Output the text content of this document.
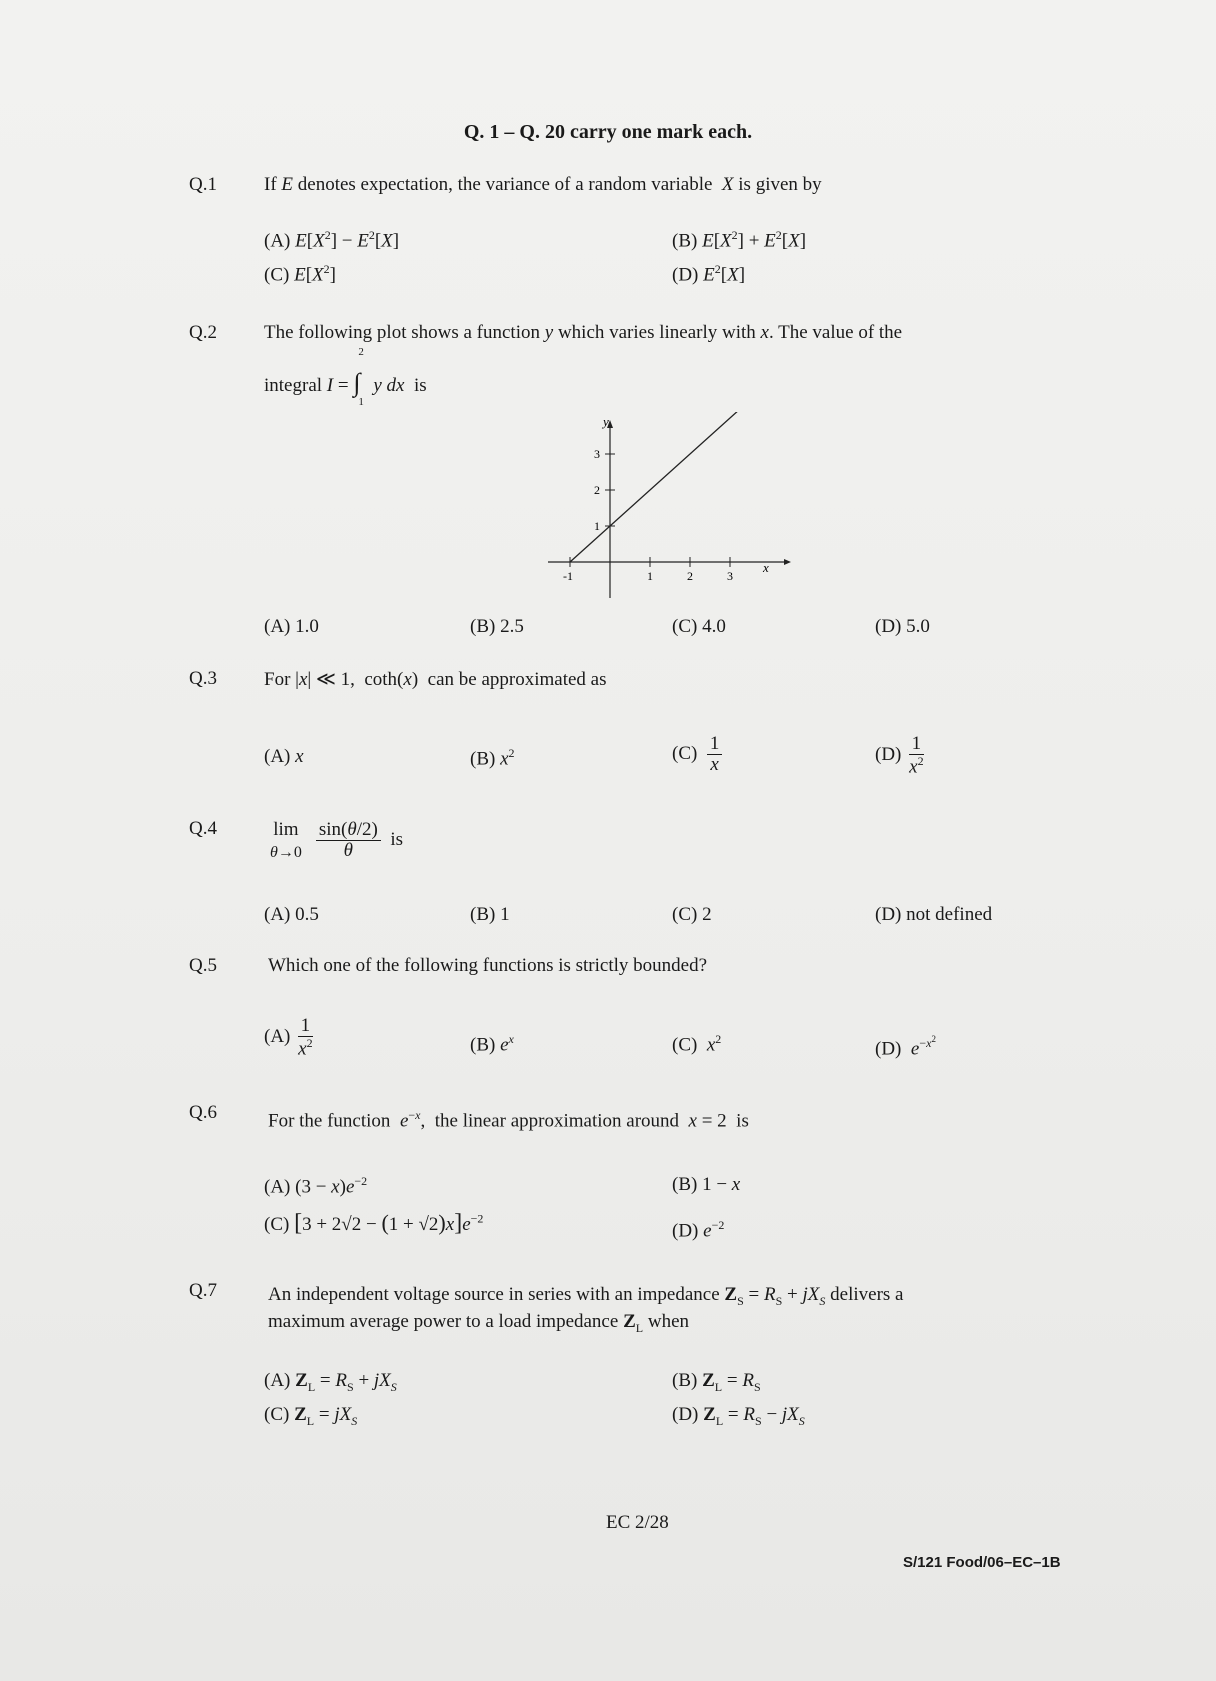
Q. 1 – Q. 20 carry one mark each.
Q.1 If E denotes expectation, the variance of a random variable  X is given by
(A) $E[X^2] - E^2[X]$	(B) $E[X^2] + E^2[X]$
(C) $E[X^2]$	(D) $E^2[X]$
Q.2 The following plot shows a function y which varies linearly with x. The value of the
integral I = ∫
2
1
y dx  is
y
x
-1	1	2	3
1
2
3
(A) 1.0	(B) 2.5	(C) 4.0	(D) 5.0
Q.3 For |x| ≪ 1,  coth(x)  can be approximated as
(A) x	(B) $x^2$	$(C) \frac{1}{x}$	$(D) \frac{1}{x^2}$
Q.4	lim
$\theta\to 0 \frac{\sin(\theta/2)}{\theta}$ is
(A) 0.5	(B) 1	(C) 2	(D) not defined
Q.5	Which one of the following functions is strictly bounded?
$(A) \frac{1}{x^2}$	(B) $e^x$	(C)  $x^2$	(D)  $e^{-x^2}$
Q.6	For the function  $e^{-x}$,  the linear approximation around  x = 2  is
(A) $(3 - x)e^{-2}$	(B) 1 − x
(C) $[3 + 2√2 - (1 + √2)x]e^{-2}$
(D) $e^{-2}$
Q.7	An independent voltage source in series with an impedance $Z_S = R_S + jX_S$ delivers a
maximum average power to a load impedance $Z_L$ when
(A) $Z_L = R_S + jX_S$	(B) $Z_L = R_S$
(C) $Z_L = jX_S$	(D) $Z_L = R_S - jX_S$
EC 2/28
S/121 Food/06–EC–1B
